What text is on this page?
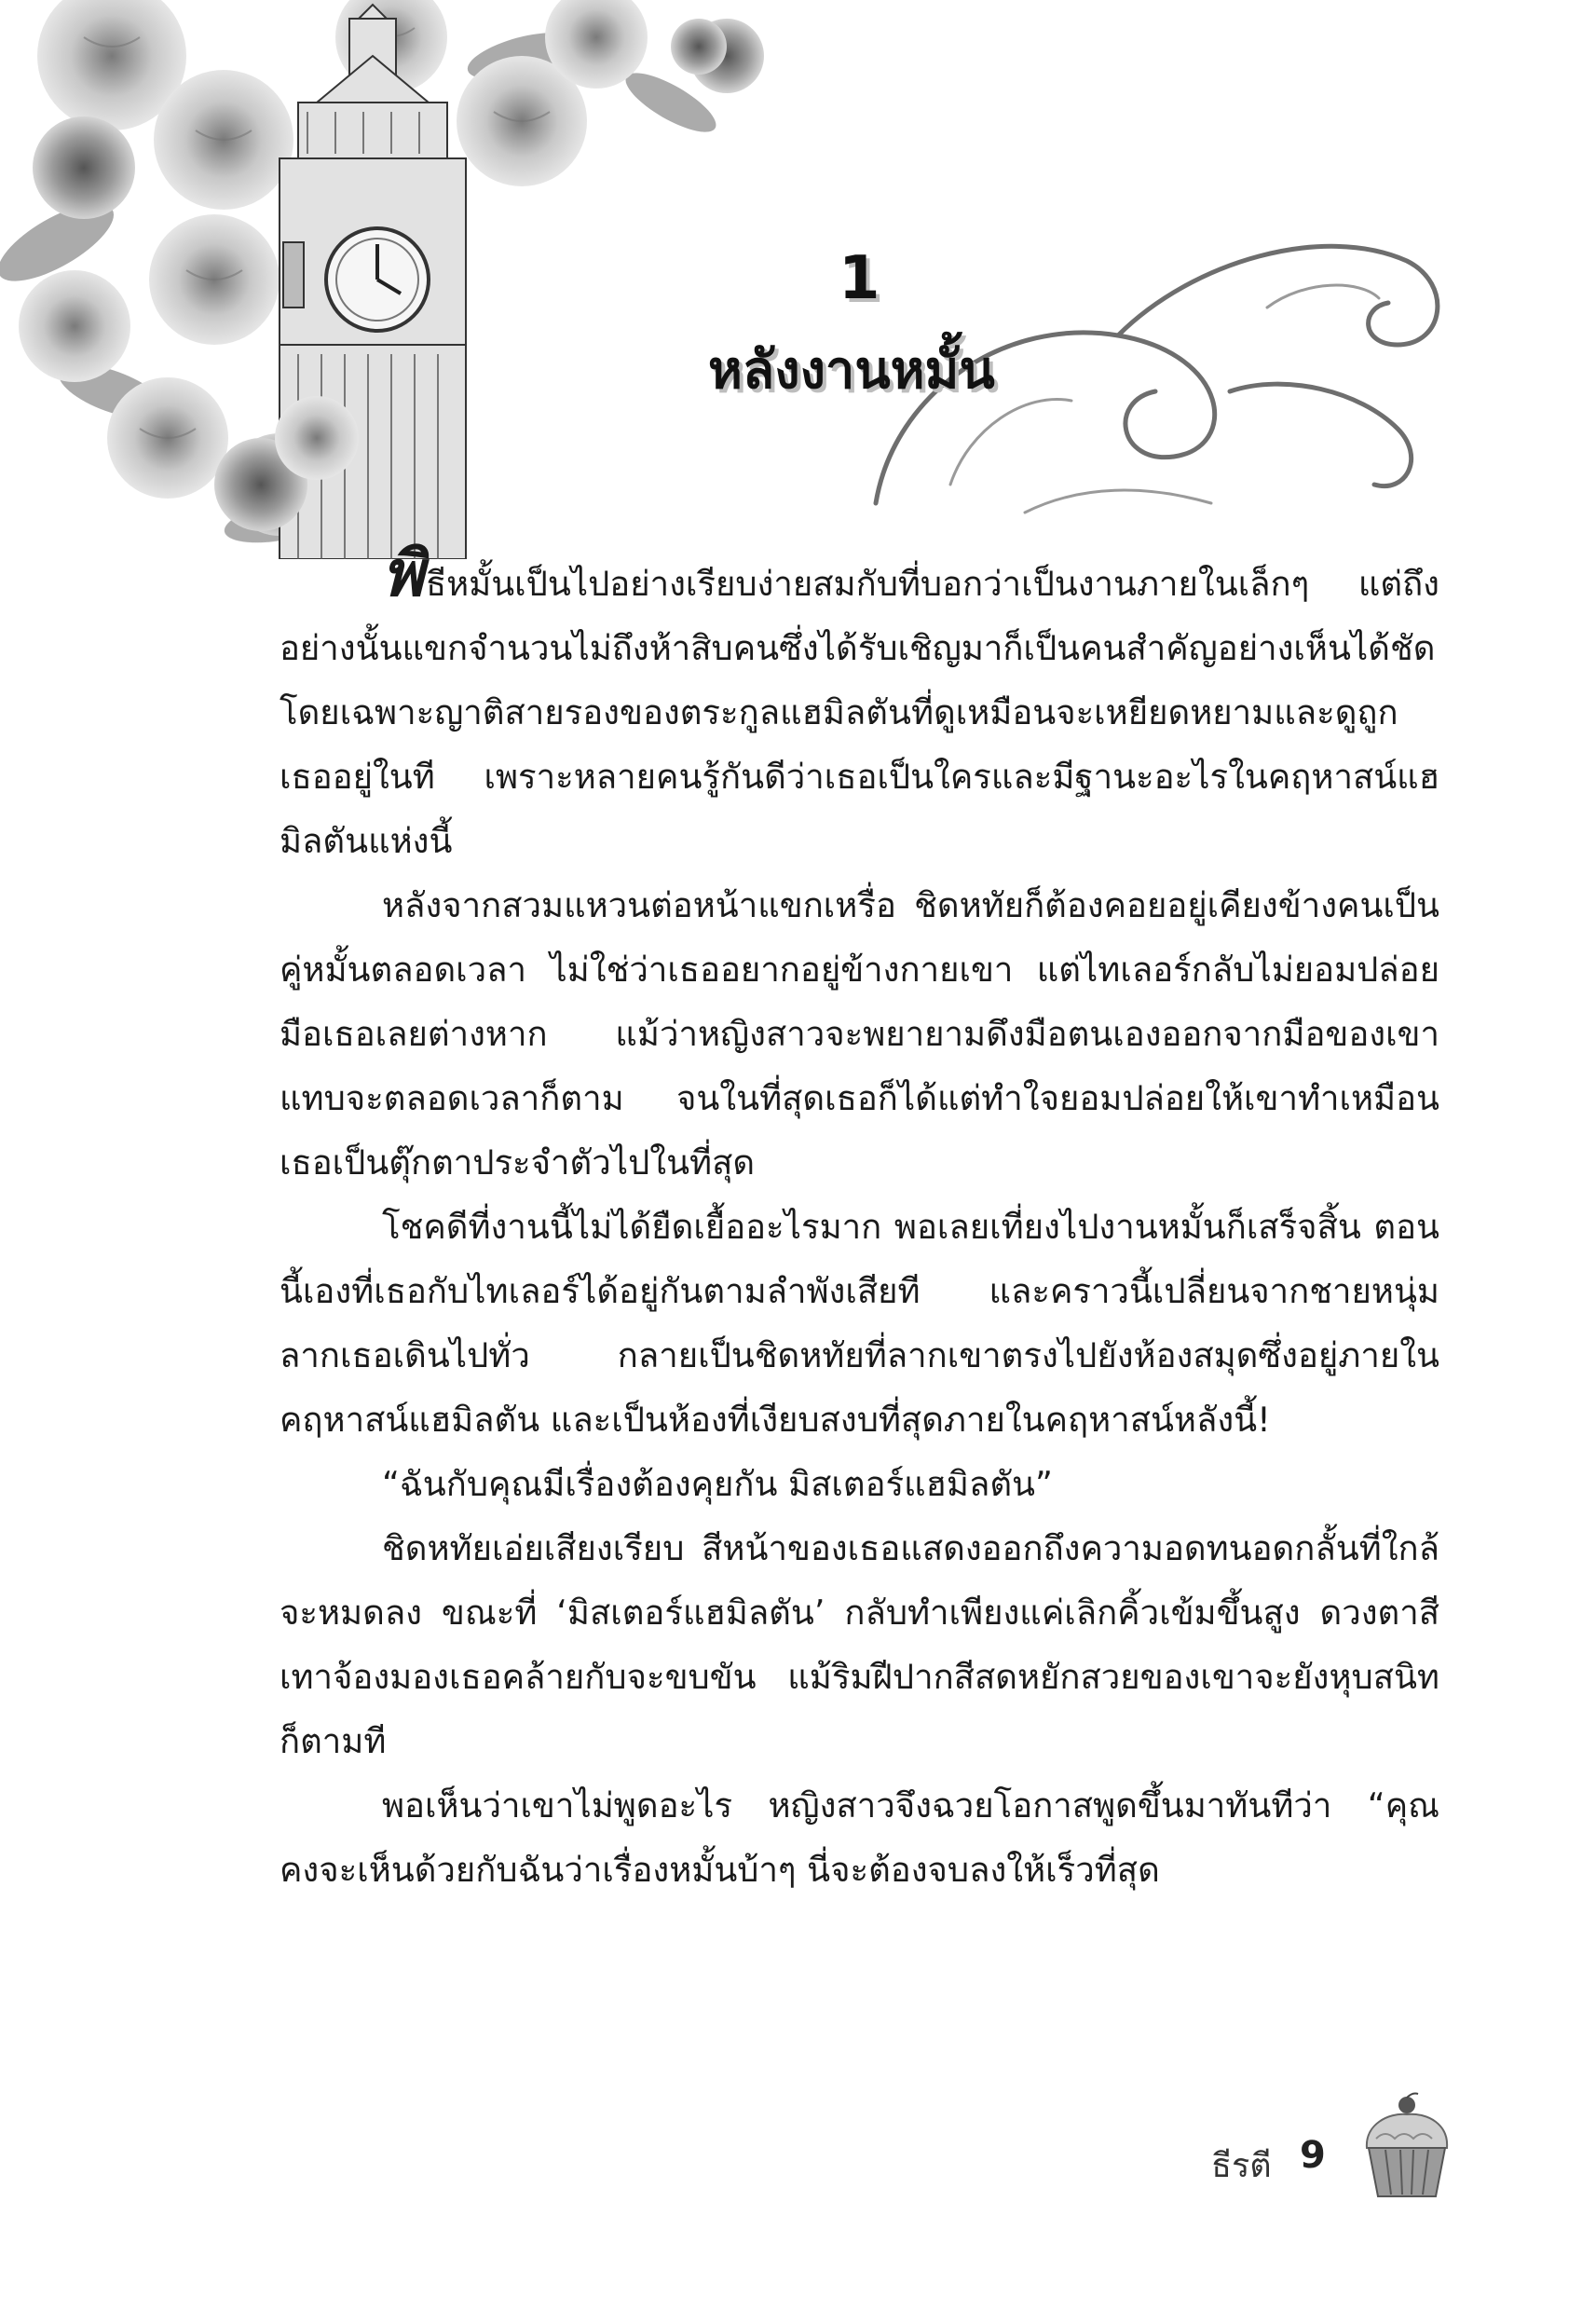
1
หลังงานหมั้น

พิธีหมั้นเป็นไปอย่างเรียบง่ายสมกับที่บอกว่าเป็นงานภายในเล็กๆ แต่ถึงอย่างนั้นแขกจำนวนไม่ถึงห้าสิบคนซึ่งได้รับเชิญมาก็เป็นคนสำคัญอย่างเห็นได้ชัด โดยเฉพาะญาติสายรองของตระกูลแฮมิลตันที่ดูเหมือนจะเหยียดหยามและดูถูกเธออยู่ในที เพราะหลายคนรู้กันดีว่าเธอเป็นใครและมีฐานะอะไรในคฤหาสน์แฮมิลตันแห่งนี้

หลังจากสวมแหวนต่อหน้าแขกเหรื่อ ชิดหทัยก็ต้องคอยอยู่เคียงข้างคนเป็นคู่หมั้นตลอดเวลา ไม่ใช่ว่าเธออยากอยู่ข้างกายเขา แต่ไทเลอร์กลับไม่ยอมปล่อยมือเธอเลยต่างหาก แม้ว่าหญิงสาวจะพยายามดึงมือตนเองออกจากมือของเขาแทบจะตลอดเวลาก็ตาม จนในที่สุดเธอก็ได้แต่ทำใจยอมปล่อยให้เขาทำเหมือนเธอเป็นตุ๊กตาประจำตัวไปในที่สุด

โชคดีที่งานนี้ไม่ได้ยืดเยื้ออะไรมาก พอเลยเที่ยงไปงานหมั้นก็เสร็จสิ้น ตอนนี้เองที่เธอกับไทเลอร์ได้อยู่กันตามลำพังเสียที และคราวนี้เปลี่ยนจากชายหนุ่มลากเธอเดินไปทั่ว กลายเป็นชิดหทัยที่ลากเขาตรงไปยังห้องสมุดซึ่งอยู่ภายในคฤหาสน์แฮมิลตัน และเป็นห้องที่เงียบสงบที่สุดภายในคฤหาสน์หลังนี้!

“ฉันกับคุณมีเรื่องต้องคุยกัน มิสเตอร์แฮมิลตัน”

ชิดหทัยเอ่ยเสียงเรียบ สีหน้าของเธอแสดงออกถึงความอดทนอดกลั้นที่ใกล้จะหมดลง ขณะที่ ‘มิสเตอร์แฮมิลตัน’ กลับทำเพียงแค่เลิกคิ้วเข้มขึ้นสูง ดวงตาสีเทาจ้องมองเธอคล้ายกับจะขบขัน แม้ริมฝีปากสีสดหยักสวยของเขาจะยังหุบสนิทก็ตามที

พอเห็นว่าเขาไม่พูดอะไร หญิงสาวจึงฉวยโอกาสพูดขึ้นมาทันทีว่า “คุณคงจะเห็นด้วยกับฉันว่าเรื่องหมั้นบ้าๆ นี่จะต้องจบลงให้เร็วที่สุด

ธีรตี 9
